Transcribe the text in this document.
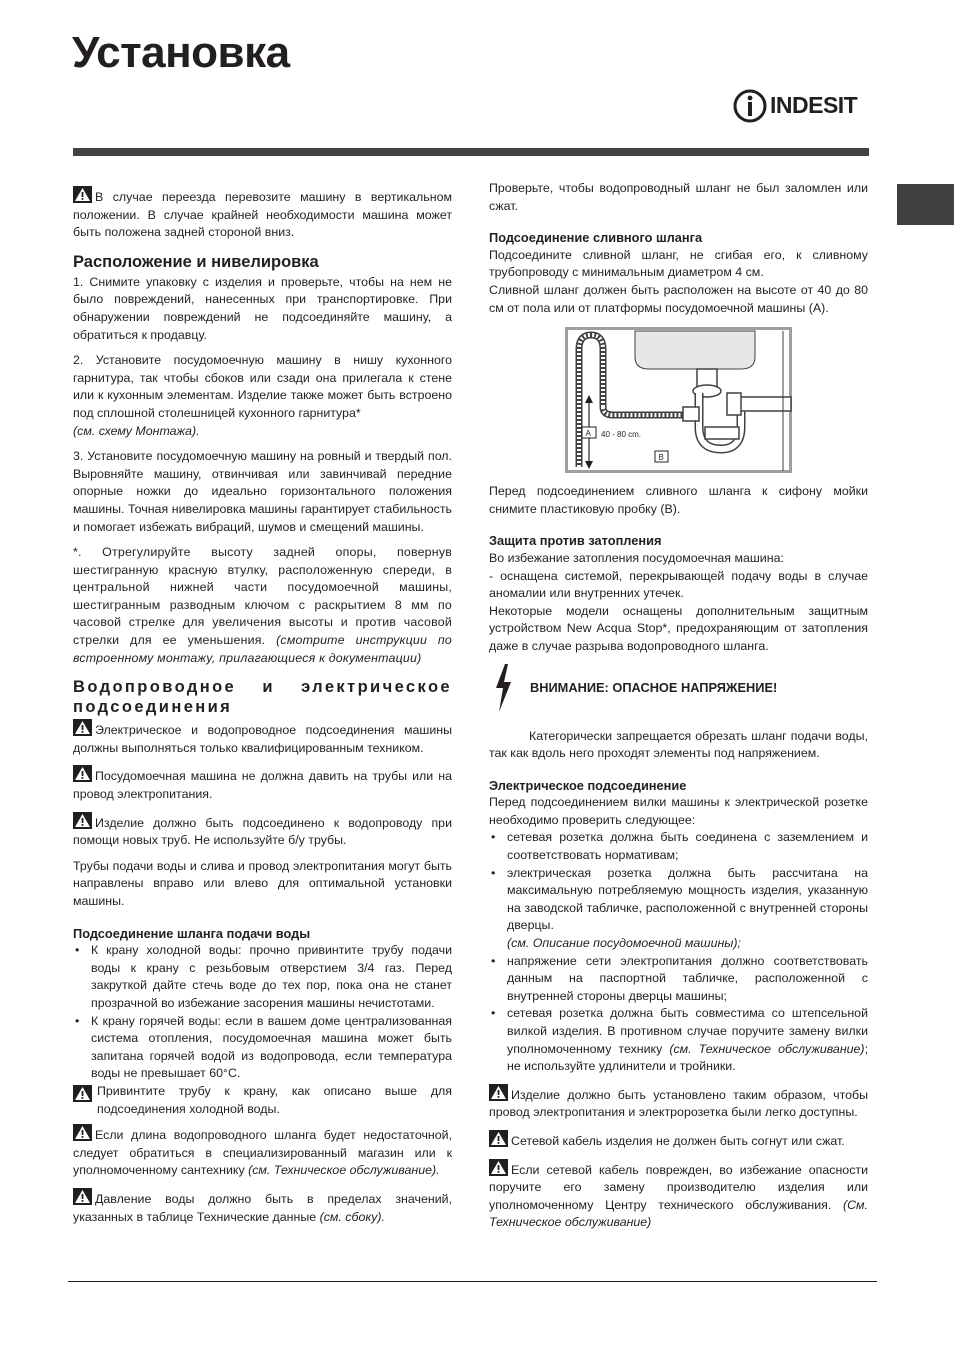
Установка
INDESIT

В случае переезда перевозите машину в вертикальном положении. В случае крайней необходимости машина может быть положена задней стороной вниз.

Расположение и нивелировка

1. Снимите упаковку с изделия и проверьте, чтобы на нем не было повреждений, нанесенных при транспортировке. При обнаружении повреждений не подсоединяйте машину, а обратиться к продавцу.

2. Установите посудомоечную машину в нишу кухонного гарнитура, так чтобы сбоков или сзади она прилегала к стене или к кухонным элементам. Изделие также может быть встроено под сплошной столешницей кухонного гарнитура*
(см. схему Монтажа).

3. Установите посудомоечную машину на ровный и твердый пол. Выровняйте машину, отвинчивая или завинчивай передние опорные ножки до идеально горизонтального положения машины. Точная нивелировка машины гарантирует стабильность и помогает избежать вибраций, шумов и смещений машины.

*. Отрегулируйте высоту задней опоры, повернув шестигранную красную втулку, расположенную спереди, в центральной нижней части посудомоечной машины, шестигранным разводным ключом с раскрытием 8 мм по часовой стрелке для увеличения высоты и против часовой стрелки для ее уменьшения. (смотрите инструкции по встроенному монтажу, прилагающиеся к документации)

Водопроводное и электрическое подсоединения

Электрическое и водопроводное подсоединения машины должны выполняться только квалифицированным техником.

Посудомоечная машина не должна давить на трубы или на провод электропитания.

Изделие должно быть подсоединено к водопроводу при помощи новых труб. Не используйте б/у трубы.

Трубы подачи воды и слива и провод электропитания могут быть направлены вправо или влево для оптимальной установки машины.

Подсоединение шланга подачи воды
• К крану холодной воды: прочно привинтите трубу подачи воды к крану с резьбовым отверстием 3/4 газ. Перед закруткой дайте стечь воде до тех пор, пока она не станет прозрачной во избежание засорения машины нечистотами.
• К крану горячей воды: если в вашем доме централизованная система отопления, посудомоечная машина может быть запитана горячей водой из водопровода, если температура воды не превышает 60°С.

Привинтите трубу к крану, как описано выше для подсоединения холодной воды.

Если длина водопроводного шланга будет недостаточной, следует обратиться в специализированный магазин или к уполномоченному сантехнику (см. Техническое обслуживание).

Давление воды должно быть в пределах значений, указанных в таблице Технические данные (см. сбоку).

Проверьте, чтобы водопроводный шланг не был заломлен или сжат.

Подсоединение сливного шланга

Подсоедините сливной шланг, не сгибая его, к сливному трубопроводу с минимальным диаметром 4 см.

Сливной шланг должен быть расположен на высоте от 40 до 80 см от пола или от платформы посудомоечной машины (А).

A 40 - 80 cm.
B

Перед подсоединением сливного шланга к сифону мойки снимите пластиковую пробку (В).

Защита против затопления

Во избежание затопления посудомоечная машина:

- оснащена системой, перекрывающей подачу воды в случае аномалии или внутренних утечек.

Некоторые модели оснащены дополнительным защитным устройством New Acqua Stop*, предохраняющим от затопления даже в случае разрыва водопроводного шланга.

ВНИМАНИЕ: ОПАСНОЕ НАПРЯЖЕНИЕ!

Категорически запрещается обрезать шланг подачи воды, так как вдоль него проходят элементы под напряжением.

Электрическое подсоединение

Перед подсоединением вилки машины к электрической розетке необходимо проверить следующее:

• сетевая розетка должна быть соединена с заземлением и соответствовать нормативам;
• электрическая розетка должна быть рассчитана на максимальную потребляемую мощность изделия, указанную на заводской табличке, расположенной с внутренней стороны дверцы.
(см. Описание посудомоечной машины);
• напряжение сети электропитания должно соответствовать данным на паспортной табличке, расположенной с внутренней стороны дверцы машины;
• сетевая розетка должна быть совместима со штепсельной вилкой изделия. В противном случае поручите замену вилки уполномоченному технику (см. Техническое обслуживание); не используйте удлинители и тройники.

Изделие должно быть установлено таким образом, чтобы провод электропитания и электророзетка были легко доступны.

Сетевой кабель изделия не должен быть согнут или сжат.

Если сетевой кабель поврежден, во избежание опасности поручите его замену производителю изделия или уполномоченному Центру технического обслуживания. (См. Техническое обслуживание)
